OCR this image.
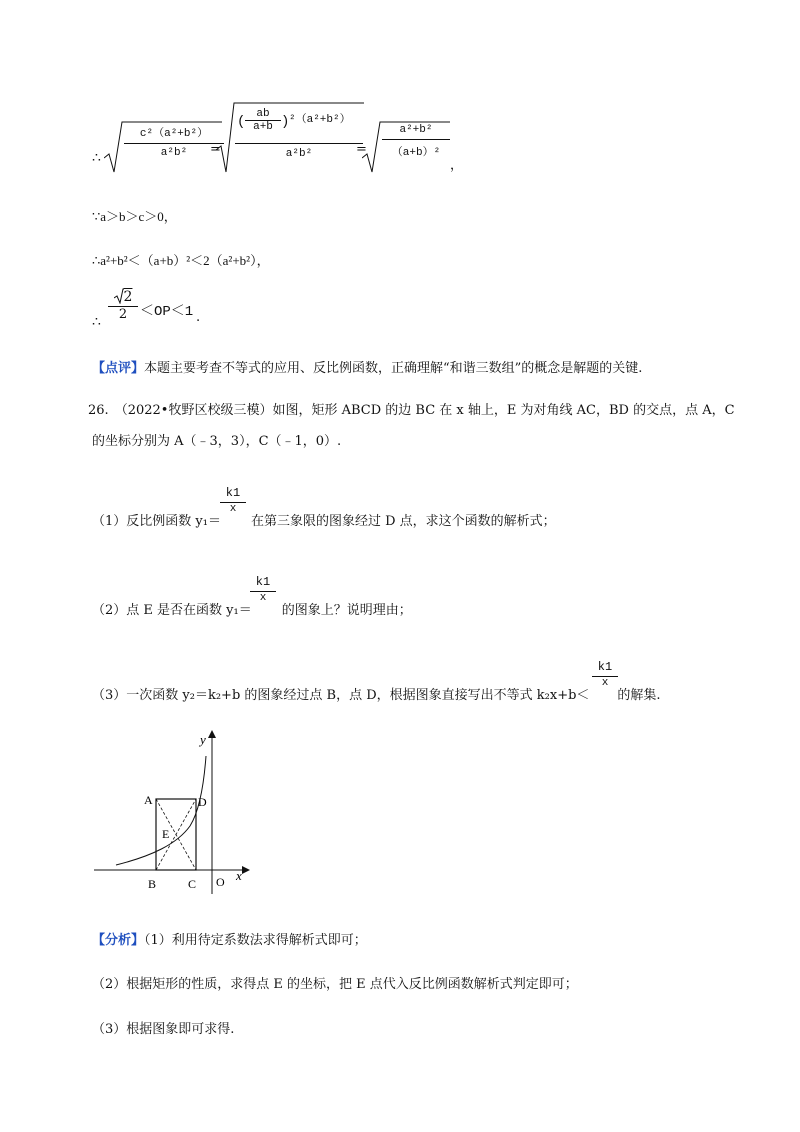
∴ $\frac{\text{c²（a²+b²）}}{\text{a²b²}}$
=
( $\frac{ab}{a+b}$ ) ²（a²+b²）
a²b²	= $\frac{\text{a²+b²}}{\text{（a+b）²}}$
，
∵a＞b＞c＞0，
∴a²+b²＜（a+b）²＜2（a²+b²），
∴ $\frac{2}{2} <OP<1$ .
【点评】本题主要考查不等式的应用、反比例函数，正确理解“和谐三数组”的概念是解题的关键.
26. （2022•牧野区校级三模）如图，矩形 ABCD 的边 BC 在 x 轴上，E 为对角线 AC，BD 的交点，点 A，C
的坐标分别为 A（﹣3，3），C（﹣1，0）.
（1）反比例函数 y₁＝ 在第三象限的图象经过 D 点，求这个函数的解析式；
$\frac{k1}{x}$
（2）点 E 是否在函数 y₁＝ 的图象上？说明理由；
$\frac{k1}{x}$
（3）一次函数 y₂＝k₂+b 的图象经过点 B，点 D，根据图象直接写出不等式 k₂x+b＜ 的解集.
$\frac{k1}{x}$
A	D
E
B	C O x
y
【分析】（1）利用待定系数法求得解析式即可；
（2）根据矩形的性质，求得点 E 的坐标，把 E 点代入反比例函数解析式判定即可；
（3）根据图象即可求得.
